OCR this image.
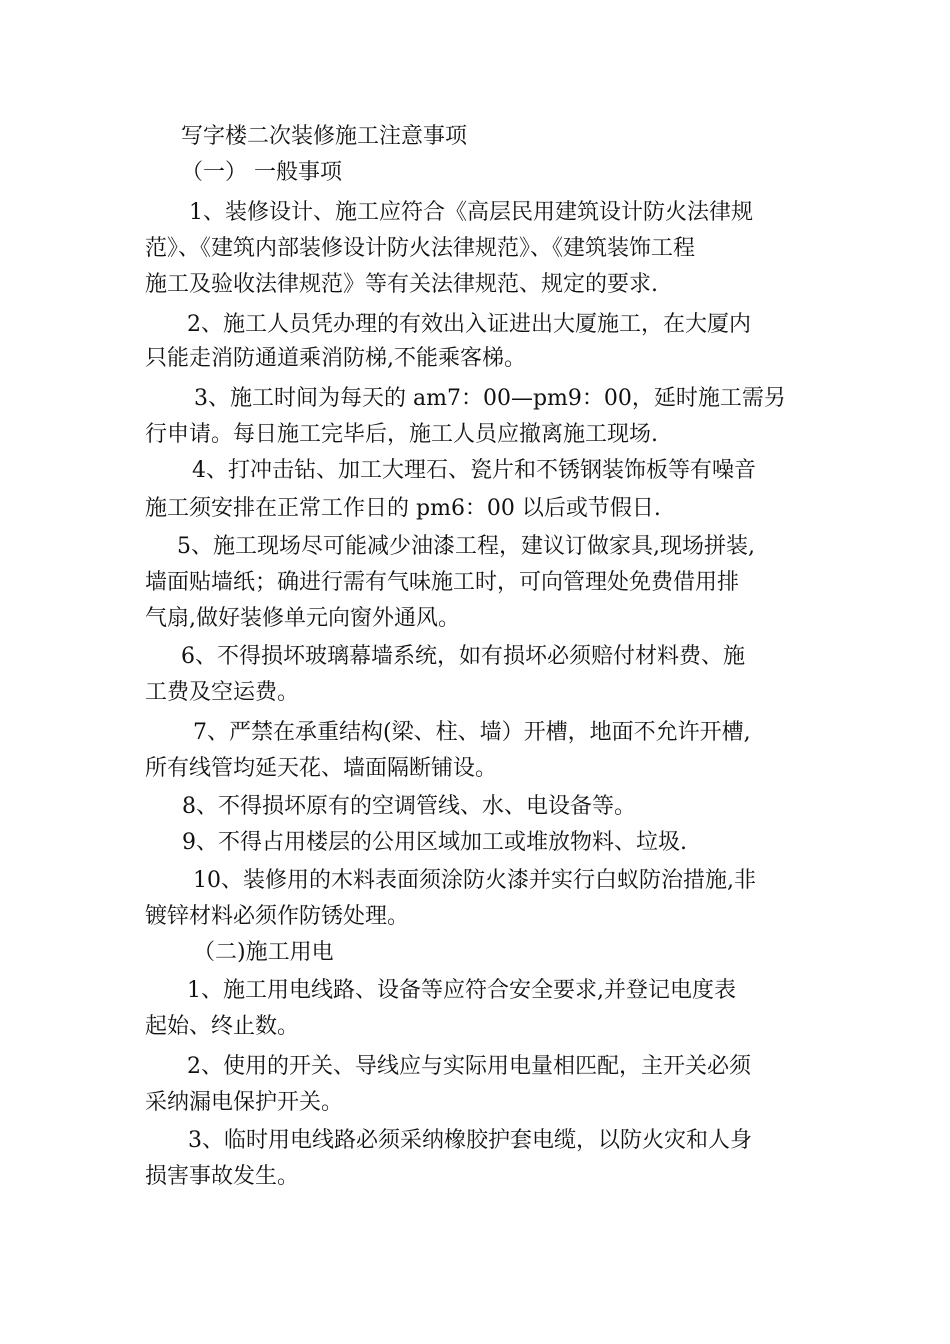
写字楼二次装修施工注意事项
（一） 一般事项
1、装修设计、施工应符合《高层民用建筑设计防火法律规
范》、《建筑内部装修设计防火法律规范》、《建筑装饰工程
施工及验收法律规范》等有关法律规范、规定的要求.
2、施工人员凭办理的有效出入证进出大厦施工，在大厦内
只能走消防通道乘消防梯,不能乘客梯。
3、施工时间为每天的 am7：00—pm9：00，延时施工需另
行申请。每日施工完毕后，施工人员应撤离施工现场.
4、打冲击钻、加工大理石、瓷片和不锈钢装饰板等有噪音
施工须安排在正常工作日的 pm6：00 以后或节假日.
5、施工现场尽可能减少油漆工程，建议订做家具,现场拼装,
墙面贴墙纸；确进行需有气味施工时，可向管理处免费借用排
气扇,做好装修单元向窗外通风。
6、不得损坏玻璃幕墙系统，如有损坏必须赔付材料费、施
工费及空运费。
7、严禁在承重结构(梁、柱、墙）开槽，地面不允许开槽,
所有线管均延天花、墙面隔断铺设。
8、不得损坏原有的空调管线、水、电设备等。
9、不得占用楼层的公用区域加工或堆放物料、垃圾.
10、装修用的木料表面须涂防火漆并实行白蚁防治措施,非
镀锌材料必须作防锈处理。
（二)施工用电
1、施工用电线路、设备等应符合安全要求,并登记电度表
起始、终止数。
2、使用的开关、导线应与实际用电量相匹配，主开关必须
采纳漏电保护开关。
3、临时用电线路必须采纳橡胶护套电缆，以防火灾和人身
损害事故发生。
